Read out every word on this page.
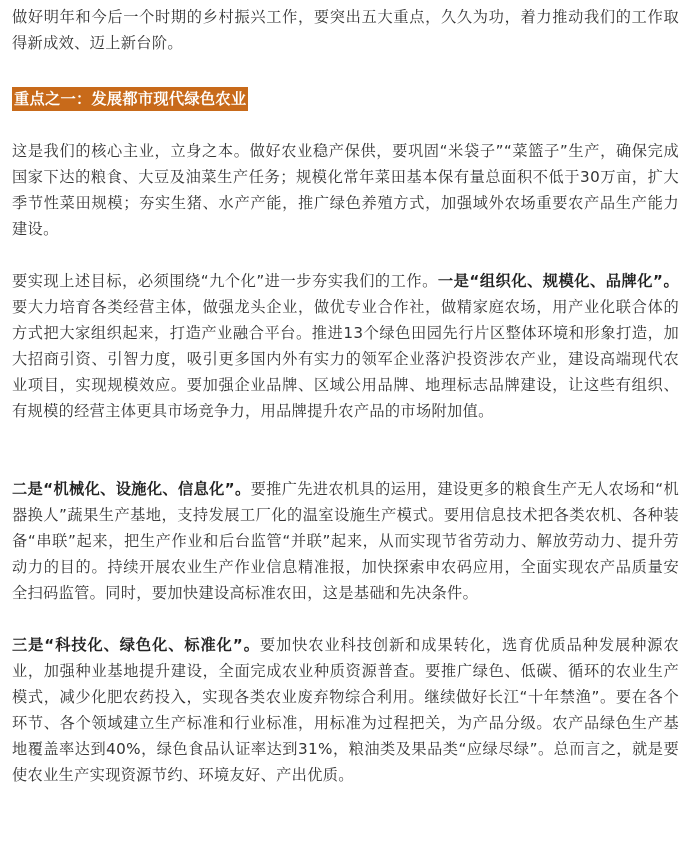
做好明年和今后一个时期的乡村振兴工作，要突出五大重点，久久为功，着力推动我们的工作取得新成效、迈上新台阶。

重点之一：发展都市现代绿色农业

这是我们的核心主业，立身之本。做好农业稳产保供，要巩固“米袋子”“菜篮子”生产，确保完成国家下达的粮食、大豆及油菜生产任务；规模化常年菜田基本保有量总面积不低于30万亩，扩大季节性菜田规模；夯实生猪、水产产能，推广绿色养殖方式，加强域外农场重要农产品生产能力建设。

要实现上述目标，必须围绕“九个化”进一步夯实我们的工作。一是“组织化、规模化、品牌化”。要大力培育各类经营主体，做强龙头企业，做优专业合作社，做精家庭农场，用产业化联合体的方式把大家组织起来，打造产业融合平台。推进13个绿色田园先行片区整体环境和形象打造，加大招商引资、引智力度，吸引更多国内外有实力的领军企业落沪投资涉农产业，建设高端现代农业项目，实现规模效应。要加强企业品牌、区域公用品牌、地理标志品牌建设，让这些有组织、有规模的经营主体更具市场竞争力，用品牌提升农产品的市场附加值。

二是“机械化、设施化、信息化”。要推广先进农机具的运用，建设更多的粮食生产无人农场和“机器换人”蔬果生产基地，支持发展工厂化的温室设施生产模式。要用信息技术把各类农机、各种装备“串联”起来，把生产作业和后台监管“并联”起来，从而实现节省劳动力、解放劳动力、提升劳动力的目的。持续开展农业生产作业信息精准报，加快探索申农码应用，全面实现农产品质量安全扫码监管。同时，要加快建设高标准农田，这是基础和先决条件。

三是“科技化、绿色化、标准化”。要加快农业科技创新和成果转化，选育优质品种发展种源农业，加强种业基地提升建设，全面完成农业种质资源普查。要推广绿色、低碳、循环的农业生产模式，减少化肥农药投入，实现各类农业废弃物综合利用。继续做好长江“十年禁渔”。要在各个环节、各个领域建立生产标准和行业标准，用标准为过程把关，为产品分级。农产品绿色生产基地覆盖率达到40%，绿色食品认证率达到31%，粮油类及果品类“应绿尽绿”。总而言之，就是要使农业生产实现资源节约、环境友好、产出优质。
